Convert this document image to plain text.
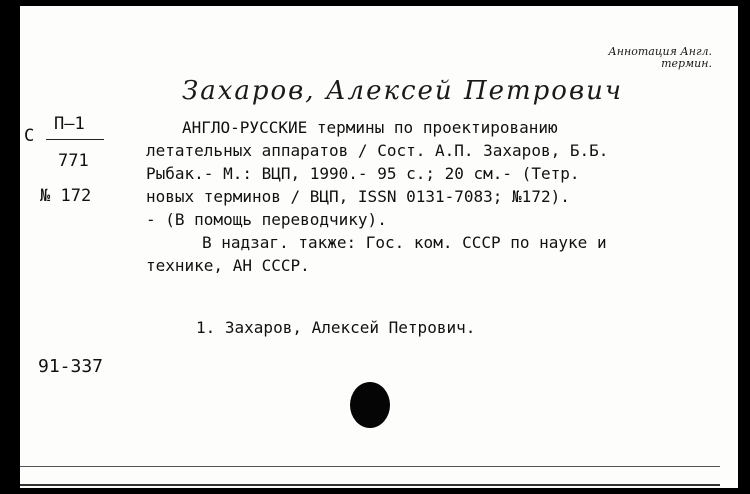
Аннотация Англ.
термин.
Захаров, Алексей Петрович
С
П–1
771
№ 172
91-337

АНГЛО-РУССКИЕ термины по проектированию

летательных аппаратов / Сост. А.П. Захаров, Б.Б.

Рыбак.- М.: ВЦП, 1990.- 95 с.; 20 см.- (Тетр.

новых терминов / ВЦП, ISSN 0131-7083; №172).

- (В помощь переводчику).

В надзаг. также: Гос. ком. СССР по науке и

технике, АН СССР.

1. Захаров, Алексей Петрович.
